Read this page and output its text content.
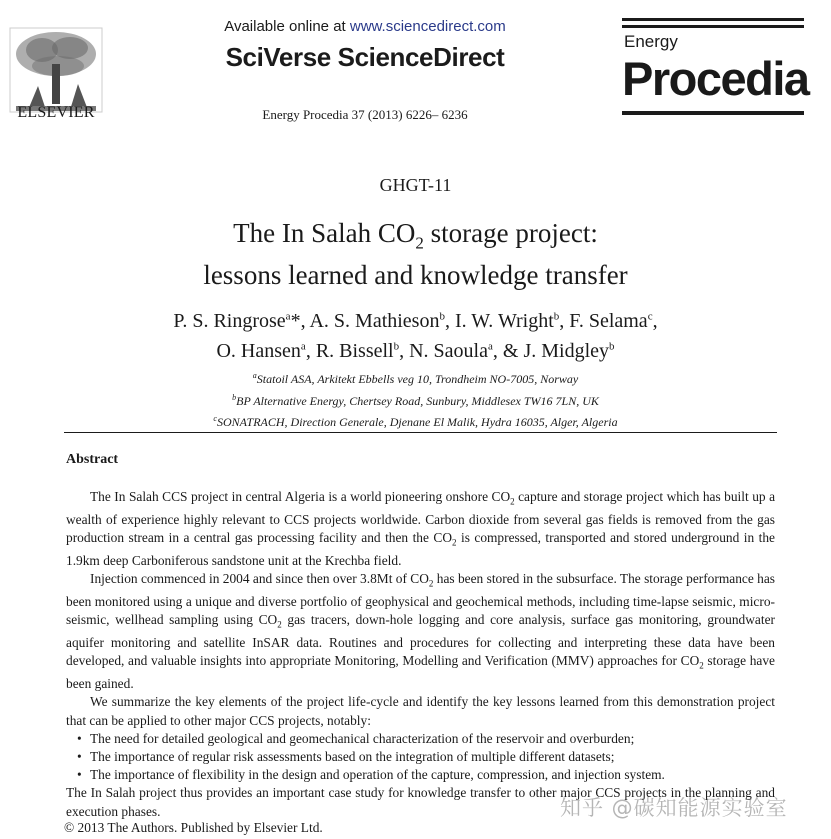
ELSEVIER
Available online at www.sciencedirect.com
SciVerse ScienceDirect
Energy Procedia 37 (2013) 6226– 6236
Energy
Procedia
GHGT-11
The In Salah $CO_2$ storage project:
lessons learned and knowledge transfer
P. S. Ringrose$^a$*, A. S. Mathieson$^b$, I. W. Wright$^b$, F. Selama$^c$,
O. Hansen$^a$, R. Bissell$^b$, N. Saoula$^a$, & J. Midgley$^b$
$^a$Statoil ASA, Arkitekt Ebbells veg 10, Trondheim NO-7005, Norway
$^b$BP Alternative Energy, Chertsey Road, Sunbury, Middlesex TW16 7LN, UK
$^c$SONATRACH, Direction Generale, Djenane El Malik, Hydra 16035, Alger, Algeria
Abstract

The In Salah CCS project in central Algeria is a world pioneering onshore $CO_2$ capture and storage project which has built up a wealth of experience highly relevant to CCS projects worldwide. Carbon dioxide from several gas fields is removed from the gas production stream in a central gas processing facility and then the $CO_2$ is compressed, transported and stored underground in the 1.9km deep Carboniferous sandstone unit at the Krechba field.

Injection commenced in 2004 and since then over 3.8Mt of $CO_2$ has been stored in the subsurface. The storage performance has been monitored using a unique and diverse portfolio of geophysical and geochemical methods, including time-lapse seismic, micro-seismic, wellhead sampling using $CO_2$ gas tracers, down-hole logging and core analysis, surface gas monitoring, groundwater aquifer monitoring and satellite InSAR data. Routines and procedures for collecting and interpreting these data have been developed, and valuable insights into appropriate Monitoring, Modelling and Verification (MMV) approaches for $CO_2$ storage have been gained.

We summarize the key elements of the project life-cycle and identify the key lessons learned from this demonstration project that can be applied to other major CCS projects, notably:

• The need for detailed geological and geomechanical characterization of the reservoir and overburden;
• The importance of regular risk assessments based on the integration of multiple different datasets;
• The importance of flexibility in the design and operation of the capture, compression, and injection system.

The In Salah project thus provides an important case study for knowledge transfer to other major CCS projects in the planning and execution phases.

© 2013 The Authors. Published by Elsevier Ltd.
知乎 @碳知能源实验室
